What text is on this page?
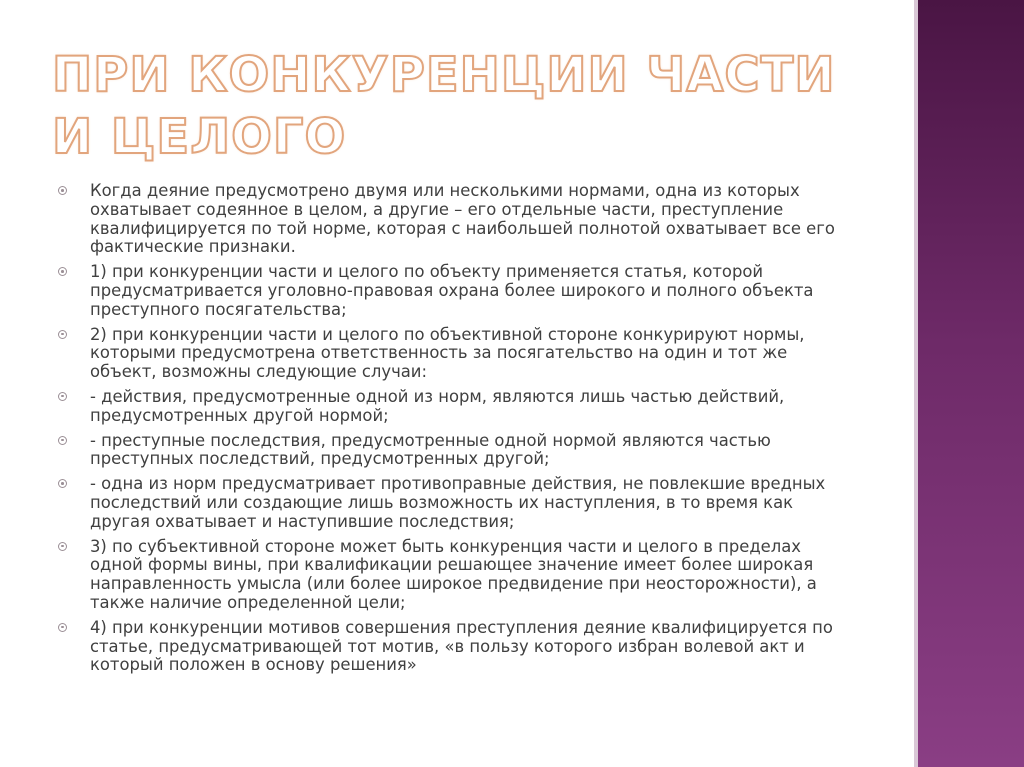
ПРИ КОНКУРЕНЦИИ ЧАСТИ И ЦЕЛОГО
Когда деяние предусмотрено двумя или несколькими нормами, одна из которых охватывает содеянное в целом, а другие – его отдельные части, преступление квалифицируется по той норме, которая с наибольшей полнотой охватывает все его фактические признаки.
1) при конкуренции части и целого по объекту применяется статья, которой предусматривается уголовно-правовая охрана более широкого и полного объекта преступного посягательства;
2) при конкуренции части и целого по объективной стороне конкурируют нормы, которыми предусмотрена ответственность за посягательство на один и тот же объект, возможны следующие случаи:
- действия, предусмотренные одной из норм, являются лишь частью действий, предусмотренных другой нормой;
- преступные последствия, предусмотренные одной нормой являются частью преступных последствий, предусмотренных другой;
- одна из норм предусматривает противоправные действия, не повлекшие вредных последствий или создающие лишь возможность их наступления, в то время как другая охватывает и наступившие последствия;
3) по субъективной стороне может быть конкуренция части и целого в пределах одной формы вины, при квалификации решающее значение имеет более широкая направленность умысла (или более широкое предвидение при неосторожности), а также наличие определенной цели;
4) при конкуренции мотивов совершения преступления деяние квалифицируется по статье, предусматривающей тот мотив, «в пользу которого избран волевой акт и который положен в основу решения»
